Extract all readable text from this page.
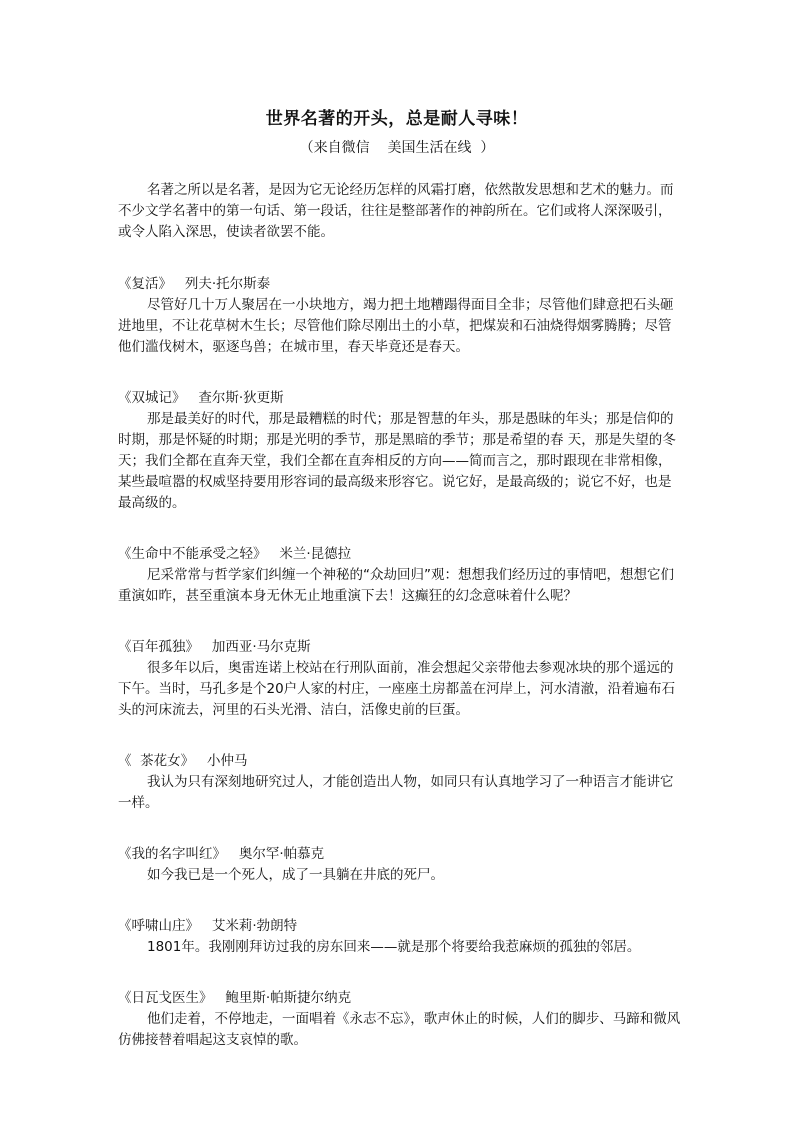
世界名著的开头，总是耐人寻味！
（来自微信    美国生活在线  ）

名著之所以是名著，是因为它无论经历怎样的风霜打磨，依然散发思想和艺术的魅力。而不少文学名著中的第一句话、第一段话，往往是整部著作的神韵所在。它们或将人深深吸引，或令人陷入深思，使读者欲罢不能。

《复活》 列夫·托尔斯泰

尽管好几十万人聚居在一小块地方，竭力把土地糟蹋得面目全非；尽管他们肆意把石头砸进地里，不让花草树木生长；尽管他们除尽刚出土的小草，把煤炭和石油烧得烟雾腾腾；尽管他们滥伐树木，驱逐鸟兽；在城市里，春天毕竟还是春天。

《双城记》 查尔斯·狄更斯

那是最美好的时代，那是最糟糕的时代；那是智慧的年头，那是愚昧的年头；那是信仰的时期，那是怀疑的时期；那是光明的季节，那是黑暗的季节；那是希望的春 天，那是失望的冬天；我们全都在直奔天堂，我们全都在直奔相反的方向——简而言之，那时跟现在非常相像，某些最喧嚣的权威坚持要用形容词的最高级来形容它。说它好，是最高级的；说它不好，也是最高级的。

《生命中不能承受之轻》 米兰·昆德拉

尼采常常与哲学家们纠缠一个神秘的“众劫回归”观：想想我们经历过的事情吧，想想它们重演如昨，甚至重演本身无休无止地重演下去！这癫狂的幻念意味着什么呢？

《百年孤独》 加西亚·马尔克斯

很多年以后，奥雷连诺上校站在行刑队面前，准会想起父亲带他去参观冰块的那个遥远的下午。当时，马孔多是个20户人家的村庄，一座座土房都盖在河岸上，河水清澈，沿着遍布石头的河床流去，河里的石头光滑、洁白，活像史前的巨蛋。

《  茶花女》 小仲马

我认为只有深刻地研究过人，才能创造出人物，如同只有认真地学习了一种语言才能讲它一样。

《我的名字叫红》 奥尔罕·帕慕克

如今我已是一个死人，成了一具躺在井底的死尸。

《呼啸山庄》 艾米莉·勃朗特

1801年。我刚刚拜访过我的房东回来——就是那个将要给我惹麻烦的孤独的邻居。

《日瓦戈医生》 鲍里斯·帕斯捷尔纳克

他们走着，不停地走，一面唱着《永志不忘》，歌声休止的时候，人们的脚步、马蹄和微风仿佛接替着唱起这支哀悼的歌。
